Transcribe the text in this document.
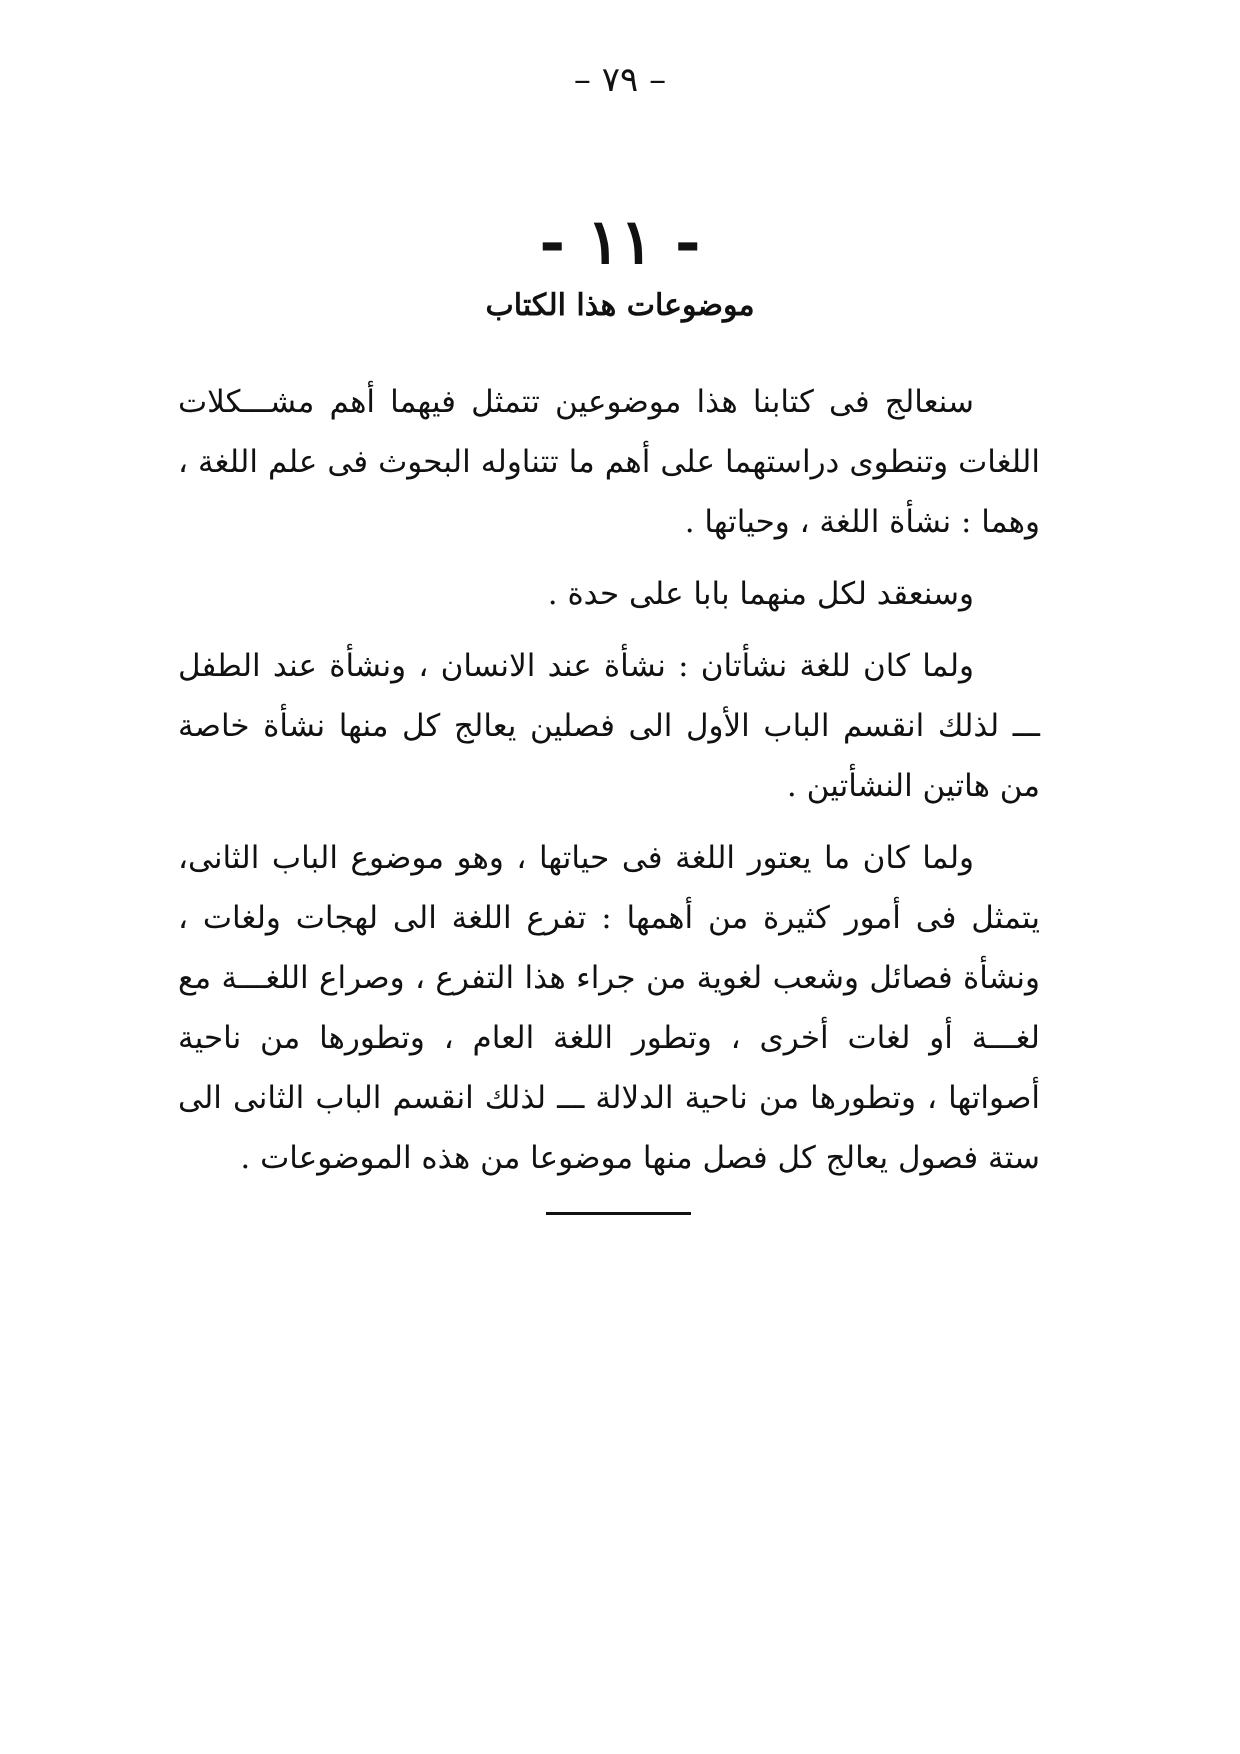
– ٧٩ –
- ١١ -
موضوعات هذا الكتاب

سنعالج فى كتابنا هذا موضوعين تتمثل فيهما أهم مشـــكلات اللغات وتنطوى دراستهما على أهم ما تتناوله البحوث فى علم اللغة ، وهما : نشأة اللغة ، وحياتها .

وسنعقد لكل منهما بابا على حدة .

ولما كان للغة نشأتان : نشأة عند الانسان ، ونشأة عند الطفل ـــ لذلك انقسم الباب الأول الى فصلين يعالج كل منها نشأة خاصة من هاتين النشأتين .

ولما كان ما يعتور اللغة فى حياتها ، وهو موضوع الباب الثانى، يتمثل فى أمور كثيرة من أهمها : تفرع اللغة الى لهجات ولغات ، ونشأة فصائل وشعب لغوية من جراء هذا التفرع ، وصراع اللغـــة مع لغـــة أو لغات أخرى ، وتطور اللغة العام ، وتطورها من ناحية أصواتها ، وتطورها من ناحية الدلالة ـــ لذلك انقسم الباب الثانى الى ستة فصول يعالج كل فصل منها موضوعا من هذه الموضوعات .
